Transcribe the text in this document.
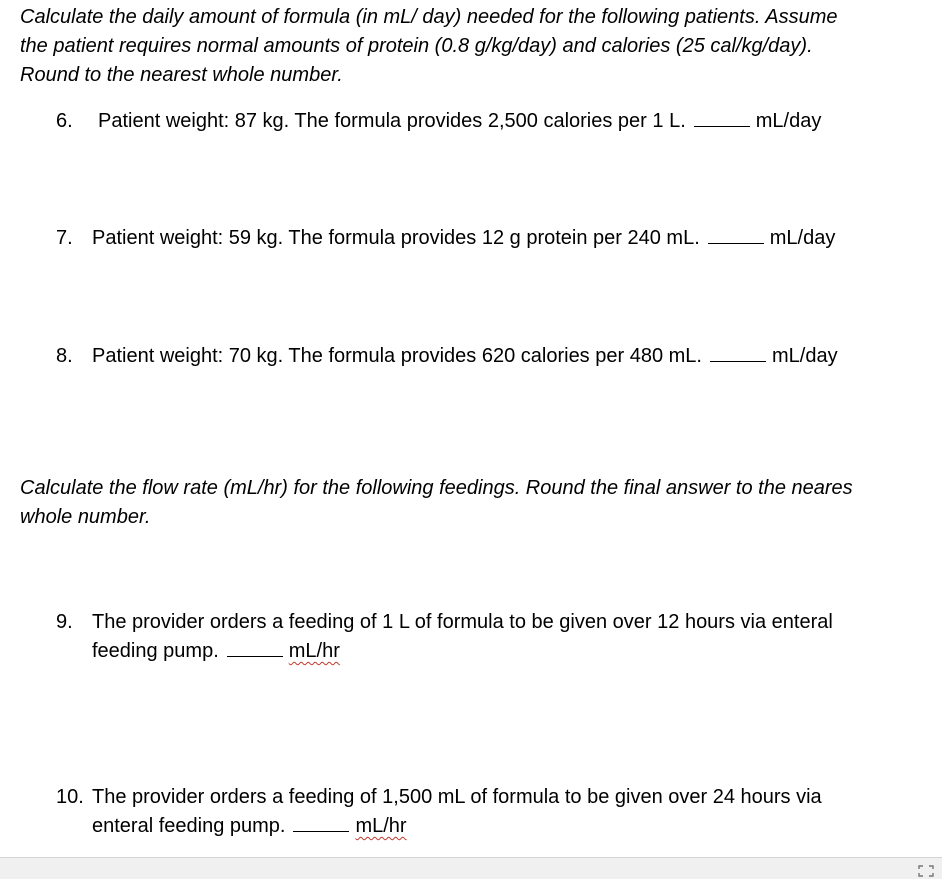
Calculate the daily amount of formula (in mL/ day) needed for the following patients. Assume
the patient requires normal amounts of protein (0.8 g/kg/day) and calories (25 cal/kg/day).
Round to the nearest whole number.

6. Patient weight: 87 kg. The formula provides 2,500 calories per 1 L.	mL/day
7. Patient weight: 59 kg. The formula provides 12 g protein per 240 mL.	mL/day
8. Patient weight: 70 kg. The formula provides 620 calories per 480 mL.	mL/day

Calculate the flow rate (mL/hr) for the following feedings. Round the final answer to the neares
whole number.

9. The provider orders a feeding of 1 L of formula to be given over 12 hours via enteral
feeding pump.	mL/hr
10. The provider orders a feeding of 1,500 mL of formula to be given over 24 hours via
enteral feeding pump.	mL/hr
